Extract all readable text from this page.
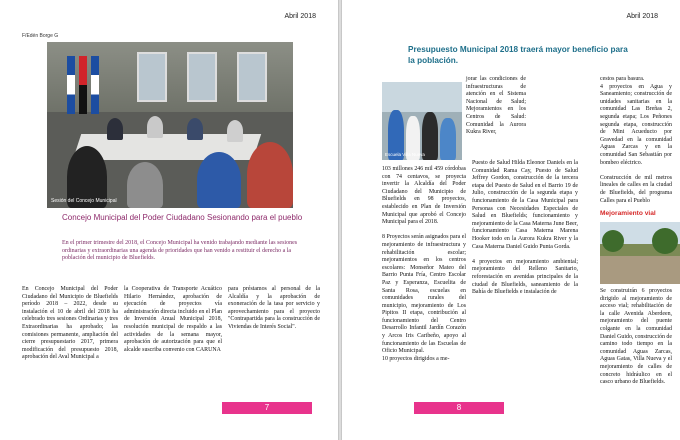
Abril 2018
F/Edén Borge G
Sesión del Concejo Municipal
Concejo Municipal del Poder Ciudadano Sesionando para el pueblo
En el primer trimestre del 2018, el Concejo Municipal ha venido trabajando mediante las sesiones ordinarias y extraordinarias una agenda de prioridades que han venido a restituir el derecho a la población del municipio de Bluefields.
En Concejo Municipal del Poder Ciudadano del Municipio de Bluefields período 2018 – 2022, desde su instalación el 10 de abril del 2018 ha celebrado tres sesiones Ordinarias y tres Extraordinarias ha aprobado; las comisiones permanente, ampliación del cierre presupuestario 2017, primera modificación del presupuesto 2018, aprobación del Aval Municipal a
la Cooperativa de Transporte Acuático Hilario Hernández, aprobación de ejecución de proyectos vía administración directa incluido en el Plan de Inversión Anual Municipal 2018, resolución municipal de respaldo a las actividades de la semana mayor, aprobación de autorización para que el alcalde suscriba convenio con CARUNA
para préstamos al personal de la Alcaldía y la aprobación de exoneración de la tasa por servicio y aprovechamiento para el proyecto "Contrapartida para la construcción de Viviendas de Interés Social".
7
Abril 2018
Presupuesto Municipal 2018 traerá mayor beneficio para la población.
Escuela Villa Nueva
jorar las condiciones de infraestructuras de atención en el Sistema Nacional de Salud; Mejoramientos en los Centros de Salud: Comunidad la Aurora Kukra River,
103 millones 246 mil 459 córdobas con 74 centavos, se proyecta invertir la Alcaldía del Poder Ciudadano del Municipio de Bluefields en 98 proyectos, establecido en Plan de Inversión Municipal que aprobó el Concejo Municipal para el 2018.

8 Proyectos serán asignados para el mejoramiento de infraestructura y rehabilitación escolar; mejoramientos en los centros escolares: Monseñor Mateo del Barrio Punta Fría, Centro Escolar Paz y Esperanza, Escuelita de Santa Rosa, escuelas en comunidades rurales del municipio, mejoramiento de Los Pipitos II etapa, contribución al funcionamiento del Centro Desarrollo Infantil Jardín Corazón y Arcos Iris Caribeño, apoyo al funcionamiento de las Escuelas de Oficio Municipal.
10 proyectos dirigidos a me-
Puesto de Salud Hilda Eleonor Daniels en la Comunidad Rama Cay, Puesto de Salud Jeffrey Gordon, construcción de la tercera etapa del Puesto de Salud en el Barrio 19 de Julio, construcción de la segunda etapa y funcionamiento de la Casa Municipal para Personas con Necesidades Especiales de Salud en Bluefields; funcionamiento y mejoramiento de la Casa Materna June Beer, funcionamiento Casa Materna Marena Hooker todo en la Aurora Kukra River y la Casa Materna Daniel Guido Punta Gorda.

4 proyectos en mejoramiento ambiental; mejoramiento del Relleno Sanitario, reforestación en avenidas principales de la ciudad de Bluefields, saneamiento de la Bahía de Bluefields e instalación de
cestos para basura.
4 proyectos en Agua y Saneamiento; construcción de unidades sanitarias en la comunidad Las Breñas 2, segunda etapa; Los Peñones segunda etapa, construcción de Mini Acueducto por Gravedad en la comunidad Aguas Zarcas y en la comunidad San Sebastián por bombeo eléctrico.

Construcción de mil metros lineales de calles en la ciudad de Bluefields, del programa Calles para el Pueblo
Mejoramiento vial
Se construirán 6 proyectos dirigido al mejoramiento de acceso vial; rehabilitación de la calle Avenida Aberdeen, mejoramiento del puente colgante en la comunidad Daniel Guido, construcción de camino todo tiempo en la comunidad Aguas Zarcas, Aguas Gatas, Villa Nueva y el mejoramiento de calles de concreto hidráulico en el casco urbano de Bluefields.
8
